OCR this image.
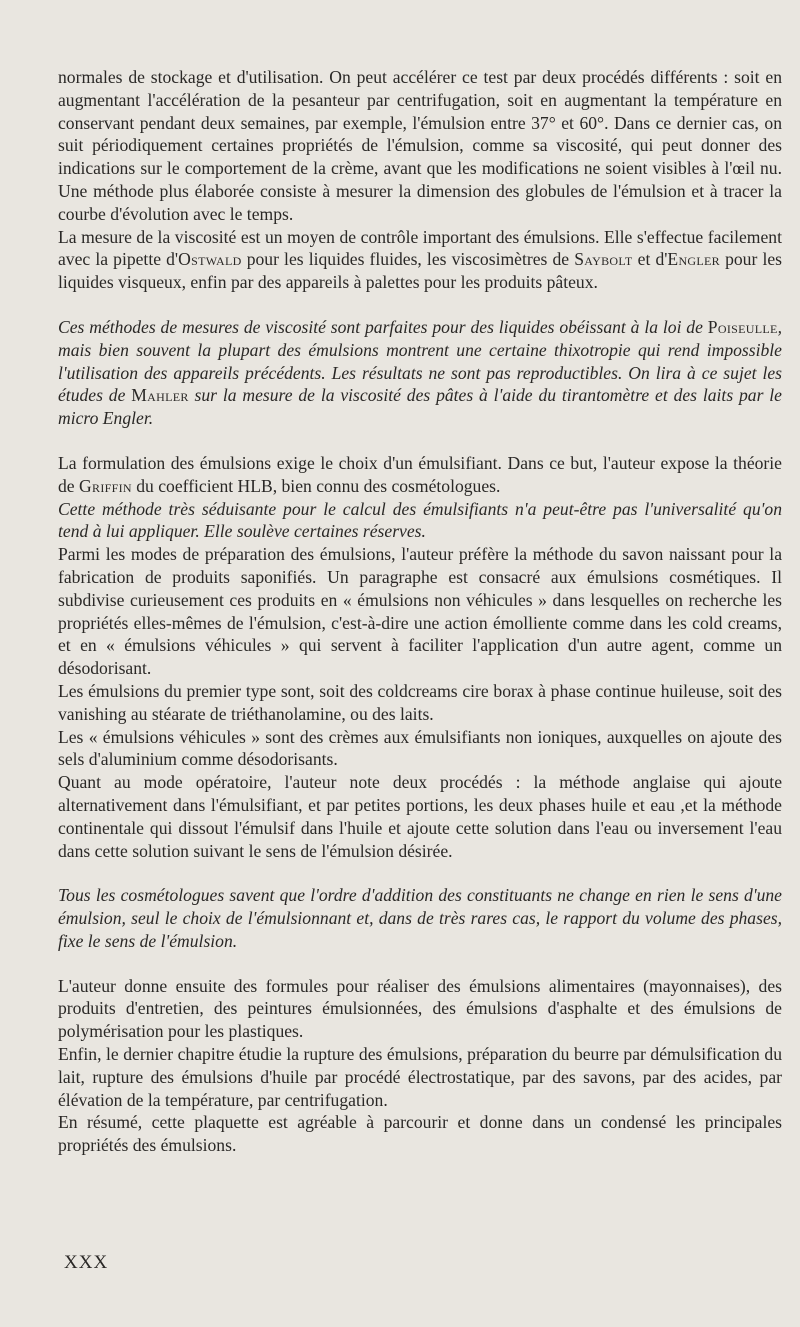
normales de stockage et d'utilisation. On peut accélérer ce test par deux procédés différents : soit en augmentant l'accélération de la pesanteur par centrifugation, soit en augmentant la température en conservant pendant deux semaines, par exemple, l'émulsion entre 37° et 60°. Dans ce dernier cas, on suit périodiquement certaines propriétés de l'émulsion, comme sa viscosité, qui peut donner des indications sur le comportement de la crème, avant que les modifications ne soient visibles à l'œil nu. Une méthode plus élaborée consiste à mesurer la dimension des globules de l'émulsion et à tracer la courbe d'évolution avec le temps.

La mesure de la viscosité est un moyen de contrôle important des émulsions. Elle s'effectue facilement avec la pipette d'Ostwald pour les liquides fluides, les viscosimètres de Saybolt et d'Engler pour les liquides visqueux, enfin par des appareils à palettes pour les produits pâteux.

Ces méthodes de mesures de viscosité sont parfaites pour des liquides obéissant à la loi de Poiseulle, mais bien souvent la plupart des émulsions montrent une certaine thixotropie qui rend impossible l'utilisation des appareils précédents. Les résultats ne sont pas reproductibles. On lira à ce sujet les études de Mahler sur la mesure de la viscosité des pâtes à l'aide du tirantomètre et des laits par le micro Engler.

La formulation des émulsions exige le choix d'un émulsifiant. Dans ce but, l'auteur expose la théorie de Griffin du coefficient HLB, bien connu des cosmétologues.

Cette méthode très séduisante pour le calcul des émulsifiants n'a peut-être pas l'universalité qu'on tend à lui appliquer. Elle soulève certaines réserves.

Parmi les modes de préparation des émulsions, l'auteur préfère la méthode du savon naissant pour la fabrication de produits saponifiés. Un paragraphe est consacré aux émulsions cosmétiques. Il subdivise curieusement ces produits en « émulsions non véhicules » dans lesquelles on recherche les propriétés elles-mêmes de l'émulsion, c'est-à-dire une action émolliente comme dans les cold creams, et en « émulsions véhicules » qui servent à faciliter l'application d'un autre agent, comme un désodorisant.

Les émulsions du premier type sont, soit des coldcreams cire borax à phase continue huileuse, soit des vanishing au stéarate de triéthanolamine, ou des laits.

Les « émulsions véhicules » sont des crèmes aux émulsifiants non ioniques, auxquelles on ajoute des sels d'aluminium comme désodorisants.

Quant au mode opératoire, l'auteur note deux procédés : la méthode anglaise qui ajoute alternativement dans l'émulsifiant, et par petites portions, les deux phases huile et eau ,et la méthode continentale qui dissout l'émulsif dans l'huile et ajoute cette solution dans l'eau ou inversement l'eau dans cette solution suivant le sens de l'émulsion désirée.

Tous les cosmétologues savent que l'ordre d'addition des constituants ne change en rien le sens d'une émulsion, seul le choix de l'émulsionnant et, dans de très rares cas, le rapport du volume des phases, fixe le sens de l'émulsion.

L'auteur donne ensuite des formules pour réaliser des émulsions alimentaires (mayonnaises), des produits d'entretien, des peintures émulsionnées, des émulsions d'asphalte et des émulsions de polymérisation pour les plastiques.

Enfin, le dernier chapitre étudie la rupture des émulsions, préparation du beurre par démulsification du lait, rupture des émulsions d'huile par procédé électrostatique, par des savons, par des acides, par élévation de la température, par centrifugation.

En résumé, cette plaquette est agréable à parcourir et donne dans un condensé les principales propriétés des émulsions.

XXX
